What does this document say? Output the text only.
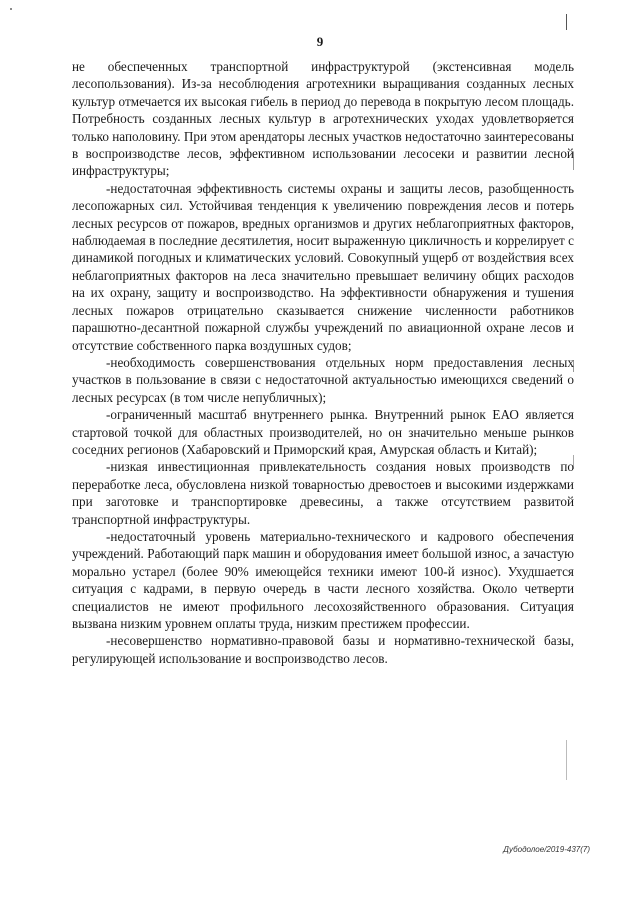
9

не обеспеченных транспортной инфраструктурой (экстенсивная модель лесопользования). Из-за несоблюдения агротехники выращивания созданных лесных культур отмечается их высокая гибель в период до перевода в покрытую лесом площадь. Потребность созданных лесных культур в агротехнических уходах удовлетворяется только наполовину. При этом арендаторы лесных участков недостаточно заинтересованы в воспроизводстве лесов, эффективном использовании лесосеки и развитии лесной инфраструктуры;

-недостаточная эффективность системы охраны и защиты лесов, разобщенность лесопожарных сил. Устойчивая тенденция к увеличению повреждения лесов и потерь лесных ресурсов от пожаров, вредных организмов и других неблагоприятных факторов, наблюдаемая в последние десятилетия, носит выраженную цикличность и коррелирует с динамикой погодных и климатических условий. Совокупный ущерб от воздействия всех неблагоприятных факторов на леса значительно превышает величину общих расходов на их охрану, защиту и воспроизводство. На эффективности обнаружения и тушения лесных пожаров отрицательно сказывается снижение численности работников парашютно-десантной пожарной службы учреждений по авиационной охране лесов и отсутствие собственного парка воздушных судов;

-необходимость совершенствования отдельных норм предоставления лесных участков в пользование в связи с недостаточной актуальностью имеющихся сведений о лесных ресурсах (в том числе непубличных);

-ограниченный масштаб внутреннего рынка. Внутренний рынок ЕАО является стартовой точкой для областных производителей, но он значительно меньше рынков соседних регионов (Хабаровский и Приморский края, Амурская область и Китай);

-низкая инвестиционная привлекательность создания новых производств по переработке леса, обусловлена низкой товарностью древостоев и высокими издержками при заготовке и транспортировке древесины, а также отсутствием развитой транспортной инфраструктуры.

-недостаточный уровень материально-технического и кадрового обеспечения учреждений. Работающий парк машин и оборудования имеет большой износ, а зачастую морально устарел (более 90% имеющейся техники имеют 100-й износ). Ухудшается ситуация с кадрами, в первую очередь в части лесного хозяйства. Около четверти специалистов не имеют профильного лесохозяйственного образования. Ситуация вызвана низким уровнем оплаты труда, низким престижем профессии.

-несовершенство нормативно-правовой базы и нормативно-технической базы, регулирующей использование и воспроизводство лесов.

Дубодолое/2019-437(7)
